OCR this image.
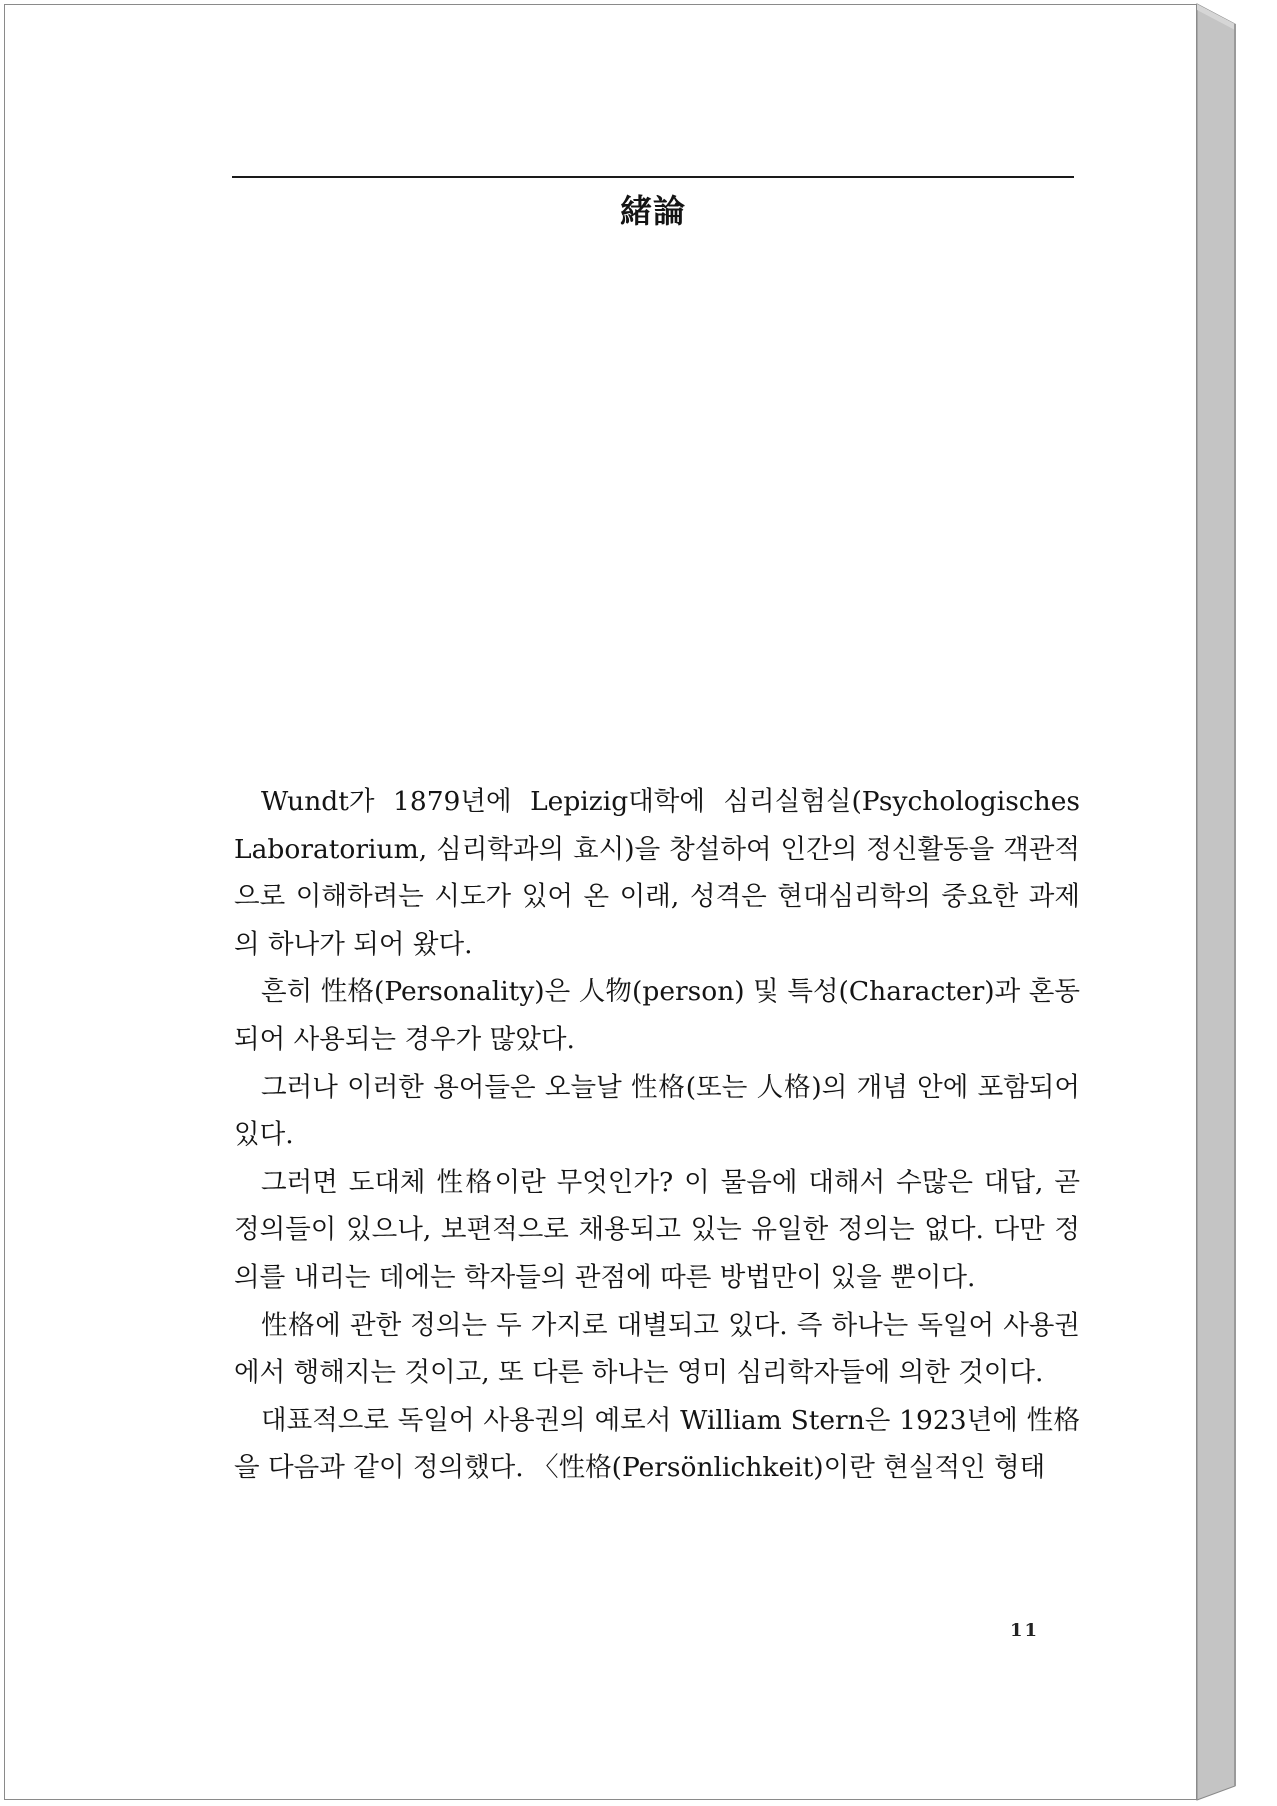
緒論

Wundt가 1879년에 Lepizig대학에 심리실험실(Psychologisches Laboratorium, 심리학과의 효시)을 창설하여 인간의 정신활동을 객관적으로 이해하려는 시도가 있어 온 이래, 성격은 현대심리학의 중요한 과제의 하나가 되어 왔다.

흔히 性格(Personality)은 人物(person) 및 특성(Character)과 혼동되어 사용되는 경우가 많았다.

그러나 이러한 용어들은 오늘날 性格(또는 人格)의 개념 안에 포함되어 있다.

그러면 도대체 性格이란 무엇인가? 이 물음에 대해서 수많은 대답, 곧 정의들이 있으나, 보편적으로 채용되고 있는 유일한 정의는 없다. 다만 정의를 내리는 데에는 학자들의 관점에 따른 방법만이 있을 뿐이다.

性格에 관한 정의는 두 가지로 대별되고 있다. 즉 하나는 독일어 사용권에서 행해지는 것이고, 또 다른 하나는 영미 심리학자들에 의한 것이다.

대표적으로 독일어 사용권의 예로서 William Stern은 1923년에 性格을 다음과 같이 정의했다. 〈性格(Persönlichkeit)이란 현실적인 형태

11
